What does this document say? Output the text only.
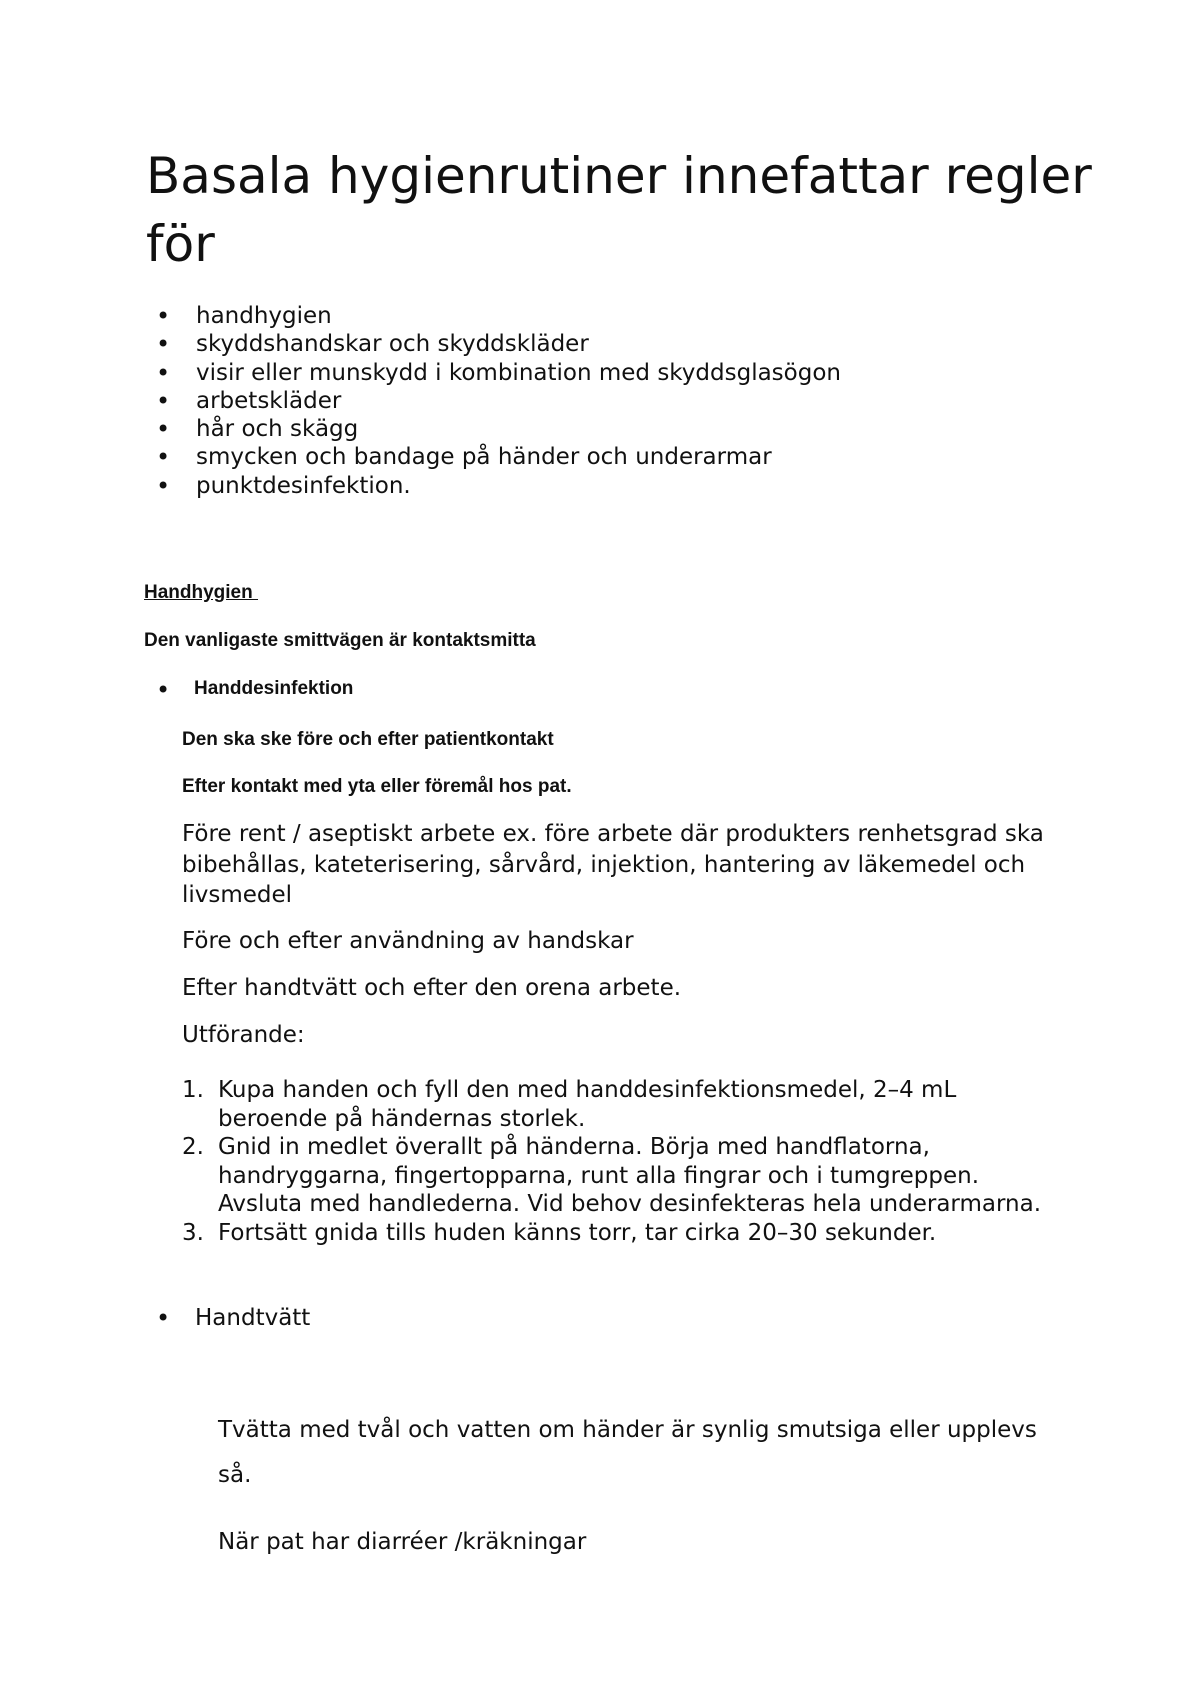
Basala hygienrutiner innefattar regler för
• handhygien
• skyddshandskar och skyddskläder
• visir eller munskydd i kombination med skyddsglasögon
• arbetskläder
• hår och skägg
• smycken och bandage på händer och underarmar
• punktdesinfektion.
Handhygien
Den vanligaste smittvägen är kontaktsmitta
• Handdesinfektion
Den ska ske före och efter patientkontakt
Efter kontakt med yta eller föremål hos pat.

Före rent / aseptiskt arbete ex. före arbete där produkters renhetsgrad ska bibehållas, kateterisering, sårvård, injektion, hantering av läkemedel och livsmedel

Före och efter användning av handskar

Efter handtvätt och efter den orena arbete.

Utförande:

1. Kupa handen och fyll den med handdesinfektionsmedel, 2–4 mL beroende på händernas storlek.
2. Gnid in medlet överallt på händerna. Börja med handflatorna, handryggarna, fingertopparna, runt alla fingrar och i tumgreppen. Avsluta med handlederna. Vid behov desinfekteras hela underarmarna.
3. Fortsätt gnida tills huden känns torr, tar cirka 20–30 sekunder.
• Handtvätt

Tvätta med tvål och vatten om händer är synlig smutsiga eller upplevs så.

När pat har diarréer /kräkningar
